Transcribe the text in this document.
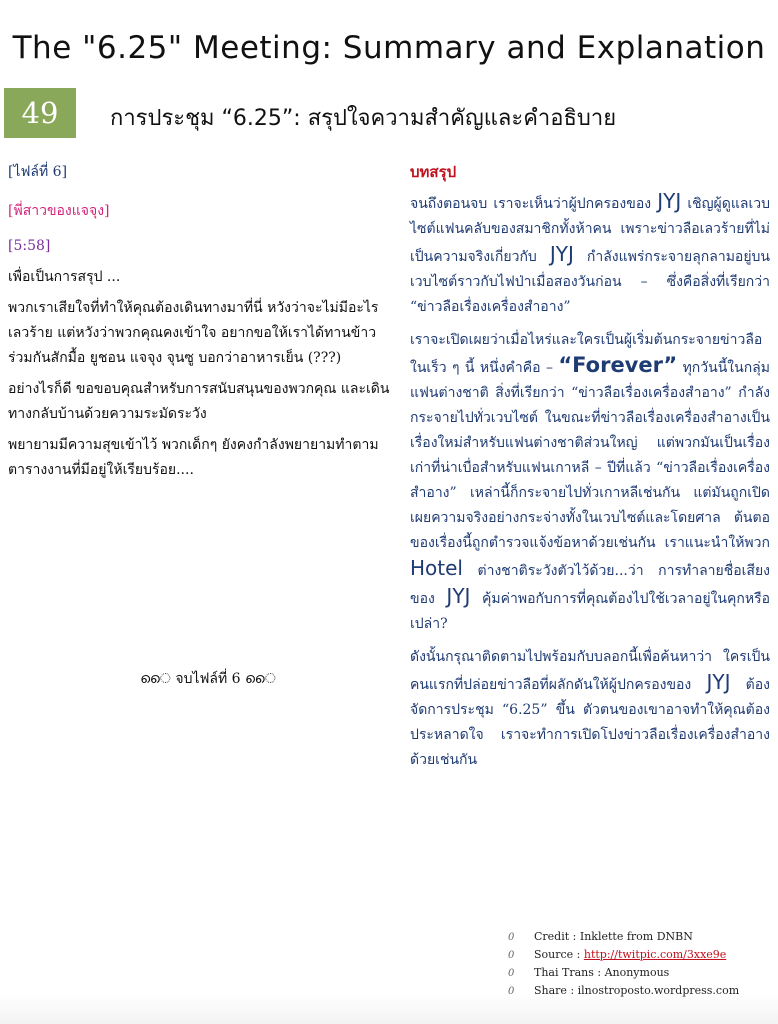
The "6.25" Meeting: Summary and Explanation
49	การประชุม “6.25”: สรุปใจความสำคัญและคำอธิบาย

[ไฟล์ที่ 6]

[พี่สาวของแจจุง]

[5:58]

เพื่อเป็นการสรุป ...

พวกเราเสียใจที่ทำให้คุณต้องเดินทางมาที่นี่ หวังว่าจะไม่มีอะไรเลวร้าย แต่หวังว่าพวกคุณคงเข้าใจ อยากขอให้เราได้ทานข้าวร่วมกันสักมื้อ ยูชอน แจจุง จุนซู บอกว่าอาหารเย็น (???)

อย่างไรก็ดี ขอขอบคุณสำหรับการสนับสนุนของพวกคุณ และเดินทางกลับบ้านด้วยความระมัดระวัง

พยายามมีความสุขเข้าไว้ พวกเด็กๆ ยังคงกำลังพยายามทำตามตารางงานที่มีอยู่ให้เรียบร้อย....

ൈ จบไฟล์ที่ 6 ൈ
บทสรุป

จนถึงตอนจบ เราจะเห็นว่าผู้ปกครองของ JYJ เชิญผู้ดูแลเวบไซต์แฟนคลับของสมาชิกทั้งห้าคน เพราะข่าวลือเลวร้ายที่ไม่เป็นความจริงเกี่ยวกับ JYJ กำลังแพร่กระจายลุกลามอยู่บนเวบไซต์ราวกับไฟป่าเมื่อสองวันก่อน – ซึ่งคือสิ่งที่เรียกว่า “ข่าวลือเรื่องเครื่องสำอาง”

เราจะเปิดเผยว่าเมื่อไหร่และใครเป็นผู้เริ่มต้นกระจายข่าวลือในเร็ว ๆ นี้ หนึ่งคำคือ – “Forever” ทุกวันนี้ในกลุ่มแฟนต่างชาติ สิ่งที่เรียกว่า “ข่าวลือเรื่องเครื่องสำอาง” กำลังกระจายไปทั่วเวบไซต์ ในขณะที่ข่าวลือเรื่องเครื่องสำอางเป็นเรื่องใหม่สำหรับแฟนต่างชาติส่วนใหญ่ แต่พวกมันเป็นเรื่องเก่าที่น่าเบื่อสำหรับแฟนเกาหลี – ปีที่แล้ว “ข่าวลือเรื่องเครื่องสำอาง” เหล่านี้ก็กระจายไปทั่วเกาหลีเช่นกัน แต่มันถูกเปิดเผยความจริงอย่างกระจ่างทั้งในเวบไซต์และโดยศาล ต้นตอของเรื่องนี้ถูกตำรวจแจ้งข้อหาด้วยเช่นกัน เราแนะนำให้พวก Hotel ต่างชาติระวังตัวไว้ด้วย...ว่า การทำลายชื่อเสียงของ JYJ คุ้มค่าพอกับการที่คุณต้องไปใช้เวลาอยู่ในคุกหรือเปล่า?

ดังนั้นกรุณาติดตามไปพร้อมกับบลอกนี้เพื่อค้นหาว่า ใครเป็นคนแรกที่ปล่อยข่าวลือที่ผลักดันให้ผู้ปกครองของ JYJ ต้องจัดการประชุม “6.25” ขึ้น ตัวตนของเขาอาจทำให้คุณต้องประหลาดใจ เราจะทำการเปิดโปงข่าวลือเรื่องเครื่องสำอางด้วยเช่นกัน

0 Credit : Inklette from DNBN
0 Source : http://twitpic.com/3xxe9e
0 Thai Trans : Anonymous
0 Share : ilnostroposto.wordpress.com
